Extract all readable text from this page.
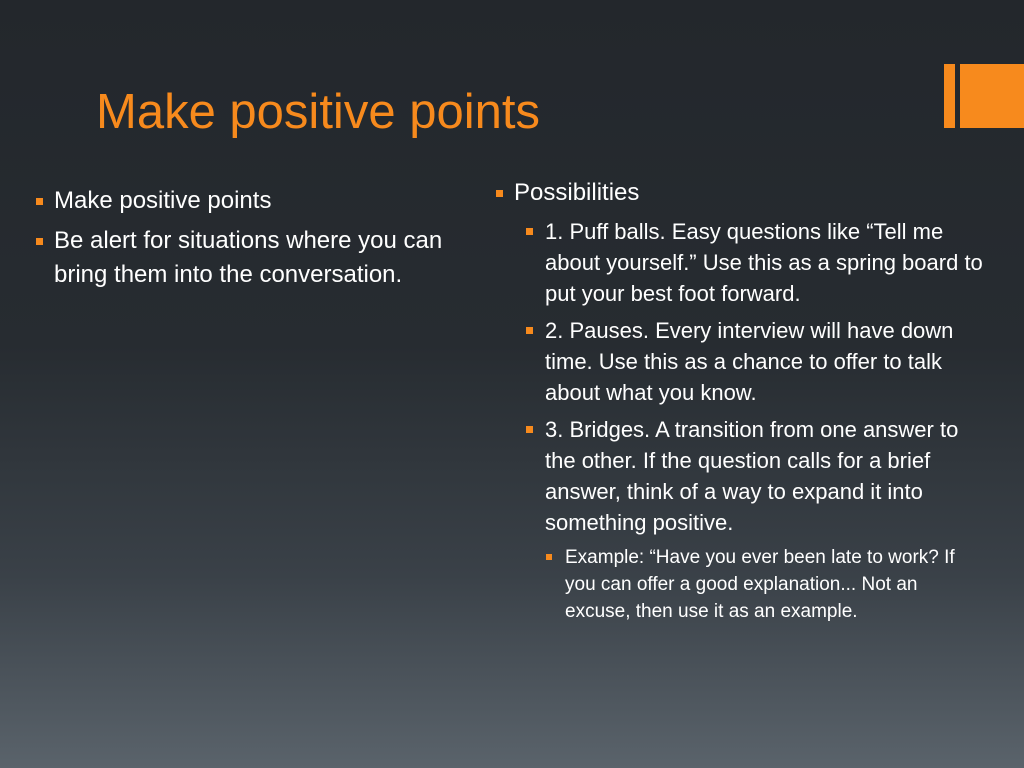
Make positive points
Make positive points
Be alert for situations where you can bring them into the conversation.
Possibilities
1. Puff balls. Easy questions like “Tell me about yourself.” Use this as a spring board to put your best foot forward.
2. Pauses. Every interview will have down time. Use this as a chance to offer to talk about what you know.
3. Bridges. A transition from one answer to the other. If the question calls for a brief answer, think of a way to expand it into something positive.
Example: “Have you ever been late to work? If you can offer a good explanation... Not an excuse, then use it as an example.
